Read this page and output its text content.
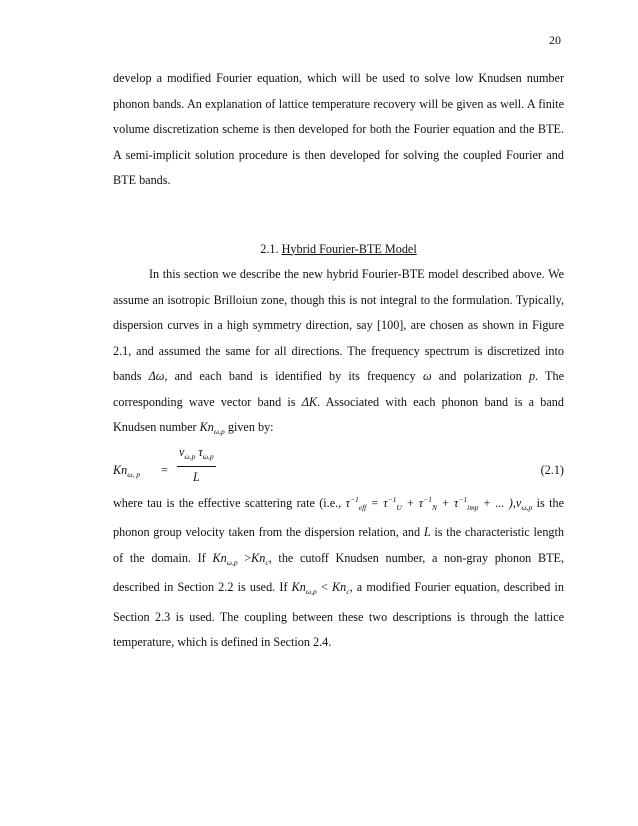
20

develop a modified Fourier equation, which will be used to solve low Knudsen number phonon bands. An explanation of lattice temperature recovery will be given as well. A finite volume discretization scheme is then developed for both the Fourier equation and the BTE. A semi-implicit solution procedure is then developed for solving the coupled Fourier and BTE bands.

2.1. Hybrid Fourier-BTE Model

In this section we describe the new hybrid Fourier-BTE model described above. We assume an isotropic Brilloiun zone, though this is not integral to the formulation. Typically, dispersion curves in a high symmetry direction, say [100], are chosen as shown in Figure 2.1, and assumed the same for all directions. The frequency spectrum is discretized into bands Δω, and each band is identified by its frequency ω and polarization p. The corresponding wave vector band is ΔK. Associated with each phonon band is a band Knudsen number $Kn_{\omega,p}$ given by:

$Kn_{\omega, p} = \frac{v_{\omega,p} \tau_{\omega,p}}{L}$	(2.1)

where tau is the effective scattering rate (i.e., $\tau^{-1}_{eff} = \tau^{-1}_U + \tau^{-1}_N + \tau^{-1}_{imp}$ + ... )$,v_{\omega,p}$ is the phonon group velocity taken from the dispersion relation, and L is the characteristic length of the domain. If $Kn_{\omega,p} >Kn_c$, the cutoff Knudsen number, a non-gray phonon BTE, described in Section 2.2 is used. If $Kn_{\omega,p} < Kn_c$, a modified Fourier equation, described in Section 2.3 is used. The coupling between these two descriptions is through the lattice temperature, which is defined in Section 2.4.
